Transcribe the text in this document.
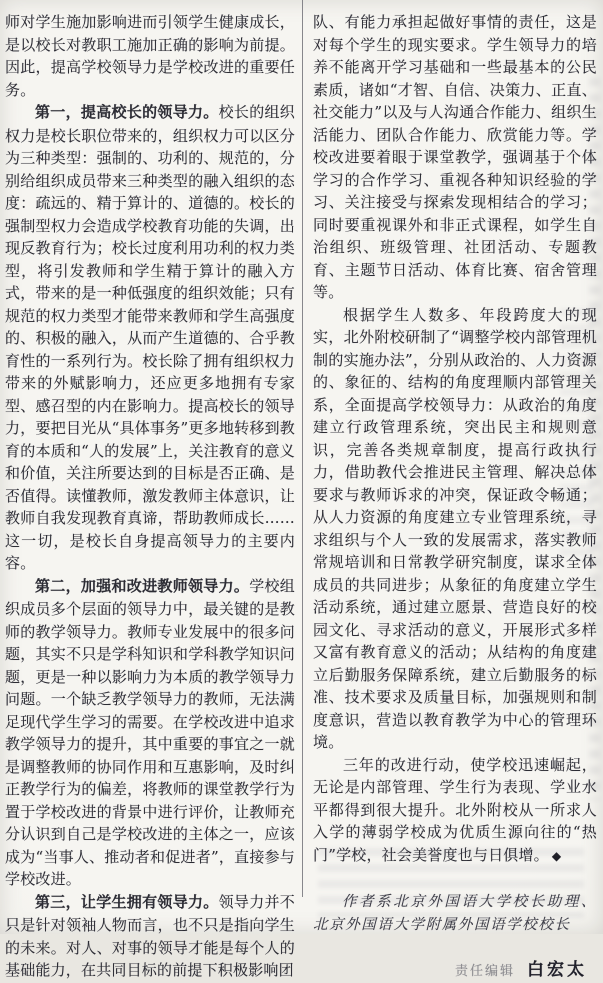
师对学生施加影响进而引领学生健康成长，是以校长对教职工施加正确的影响为前提。因此，提高学校领导力是学校改进的重要任务。

第一，提高校长的领导力。校长的组织权力是校长职位带来的，组织权力可以区分为三种类型：强制的、功利的、规范的，分别给组织成员带来三种类型的融入组织的态度：疏远的、精于算计的、道德的。校长的强制型权力会造成学校教育功能的失调，出现反教育行为；校长过度利用功利的权力类型，将引发教师和学生精于算计的融入方式，带来的是一种低强度的组织效能；只有规范的权力类型才能带来教师和学生高强度的、积极的融入，从而产生道德的、合乎教育性的一系列行为。校长除了拥有组织权力带来的外赋影响力，还应更多地拥有专家型、感召型的内在影响力。提高校长的领导力，要把目光从“具体事务”更多地转移到教育的本质和“人的发展”上，关注教育的意义和价值，关注所要达到的目标是否正确、是否值得。读懂教师，激发教师主体意识，让教师自我发现教育真谛，帮助教师成长……这一切，是校长自身提高领导力的主要内容。

第二，加强和改进教师领导力。学校组织成员多个层面的领导力中，最关键的是教师的教学领导力。教师专业发展中的很多问题，其实不只是学科知识和学科教学知识问题，更是一种以影响力为本质的教学领导力问题。一个缺乏教学领导力的教师，无法满足现代学生学习的需要。在学校改进中追求教学领导力的提升，其中重要的事宜之一就是调整教师的协同作用和互惠影响，及时纠正教学行为的偏差，将教师的课堂教学行为置于学校改进的背景中进行评价，让教师充分认识到自己是学校改进的主体之一，应该成为“当事人、推动者和促进者”，直接参与学校改进。

第三，让学生拥有领导力。领导力并不只是针对领袖人物而言，也不只是指向学生的未来。对人、对事的领导才能是每个人的基础能力，在共同目标的前提下积极影响团

队、有能力承担起做好事情的责任，这是对每个学生的现实要求。学生领导力的培养不能离开学习基础和一些最基本的公民素质，诸如“才智、自信、决策力、正直、社交能力”以及与人沟通合作能力、组织生活能力、团队合作能力、欣赏能力等。学校改进要着眼于课堂教学，强调基于个体学习的合作学习、重视各种知识经验的学习、关注接受与探索发现相结合的学习；同时要重视课外和非正式课程，如学生自治组织、班级管理、社团活动、专题教育、主题节日活动、体育比赛、宿舍管理等。

根据学生人数多、年段跨度大的现实，北外附校研制了“调整学校内部管理机制的实施办法”，分别从政治的、人力资源的、象征的、结构的角度理顺内部管理关系，全面提高学校领导力：从政治的角度建立行政管理系统，突出民主和规则意识，完善各类规章制度，提高行政执行力，借助教代会推进民主管理、解决总体要求与教师诉求的冲突，保证政令畅通；从人力资源的角度建立专业管理系统，寻求组织与个人一致的发展需求，落实教师常规培训和日常教学研究制度，谋求全体成员的共同进步；从象征的角度建立学生活动系统，通过建立愿景、营造良好的校园文化、寻求活动的意义，开展形式多样又富有教育意义的活动；从结构的角度建立后勤服务保障系统，建立后勤服务的标准、技术要求及质量目标，加强规则和制度意识，营造以教育教学为中心的管理环境。

三年的改进行动，使学校迅速崛起，无论是内部管理、学生行为表现、学业水平都得到很大提升。北外附校从一所求人入学的薄弱学校成为优质生源向往的“热门”学校，社会美誉度也与日俱增。 ◆

作者系北京外国语大学校长助理、北京外国语大学附属外国语学校校长

责任编辑 白宏太
